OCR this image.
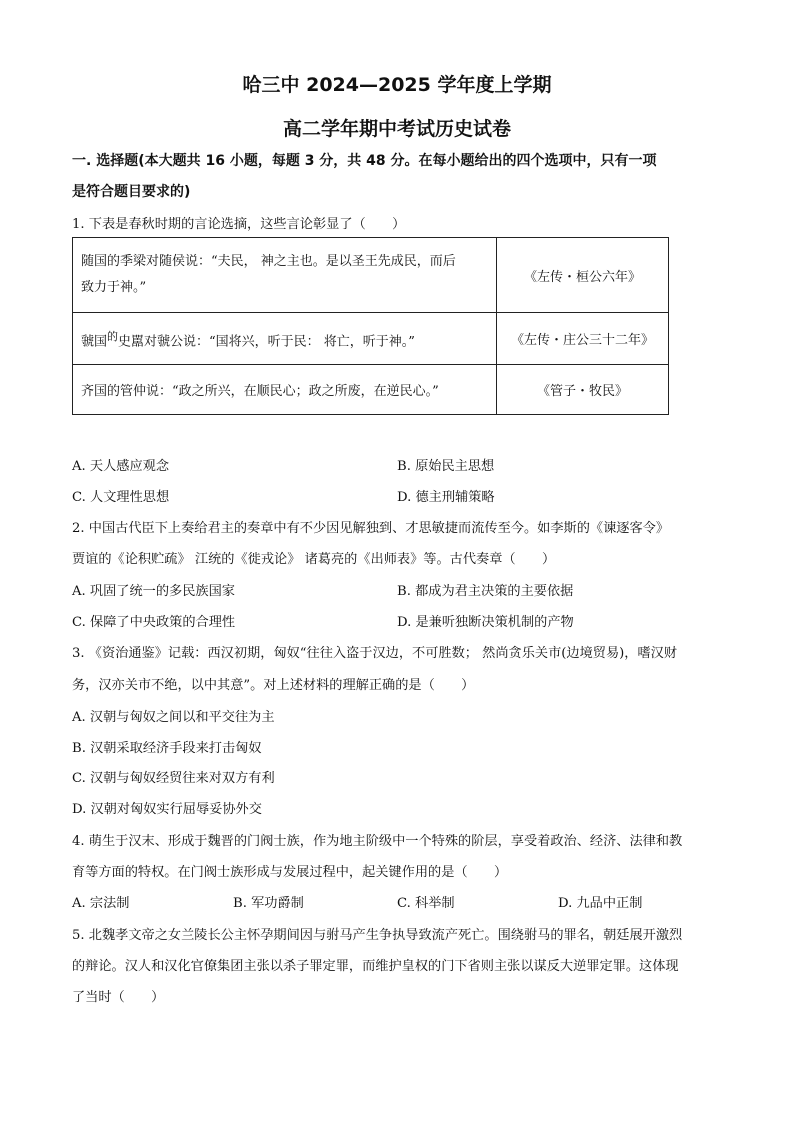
哈三中 2024—2025 学年度上学期
高二学年期中考试历史试卷
一. 选择题(本大题共 16 小题，每题 3 分，共 48 分。在每小题给出的四个选项中，只有一项
是符合题目要求的)
1. 下表是春秋时期的言论选摘，这些言论彰显了（　　）
随国的季梁对随侯说：“夫民， 神之主也。是以圣王先成民，而后
致力于神。”	《左传・桓公六年》
虢国$^的$史嚚对虢公说：“国将兴，听于民： 将亡，听于神。”	《左传・庄公三十二年》
齐国的管仲说：“政之所兴，在顺民心；政之所废，在逆民心。”	《管子・牧民》
A. 天人感应观念	B. 原始民主思想
C. 人文理性思想	D. 德主刑辅策略
2. 中国古代臣下上奏给君主的奏章中有不少因见解独到、才思敏捷而流传至今。如李斯的《谏逐客令》
贾谊的《论积贮疏》 江统的《徙戎论》 诸葛亮的《出师表》等。古代奏章（　　）
A. 巩固了统一的多民族国家	B. 都成为君主决策的主要依据
C. 保障了中央政策的合理性	D. 是兼听独断决策机制的产物
3. 《资治通鉴》记载：西汉初期，匈奴“往往入盗于汉边，不可胜数； 然尚贪乐关市(边境贸易)，嗜汉财
务，汉亦关市不绝，以中其意”。对上述材料的理解正确的是（　　）
A. 汉朝与匈奴之间以和平交往为主
B. 汉朝采取经济手段来打击匈奴
C. 汉朝与匈奴经贸往来对双方有利
D. 汉朝对匈奴实行屈辱妥协外交
4. 萌生于汉末、形成于魏晋的门阀士族，作为地主阶级中一个特殊的阶层，享受着政治、经济、法律和教
育等方面的特权。在门阀士族形成与发展过程中，起关键作用的是（　　）
A. 宗法制	B. 军功爵制	C. 科举制	D. 九品中正制
5. 北魏孝文帝之女兰陵长公主怀孕期间因与驸马产生争执导致流产死亡。围绕驸马的罪名，朝廷展开激烈
的辩论。汉人和汉化官僚集团主张以杀子罪定罪，而维护皇权的门下省则主张以谋反大逆罪定罪。这体现
了当时（　　）
